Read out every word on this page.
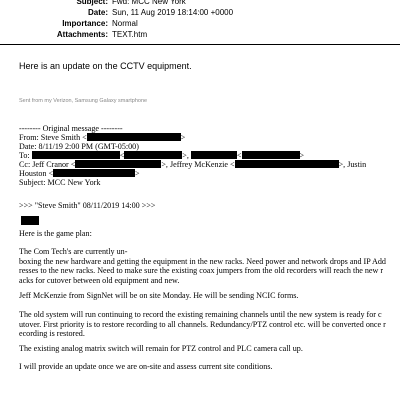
Subject: Fwd: MCC New York
Date: Sun, 11 Aug 2019 18:14:00 +0000
Importance: Normal
Attachments: TEXT.htm
Here is an update on the CCTV equipment.
Sent from my Verizon, Samsung Galaxy smartphone
-------- Original message --------
From: Steve Smith <	>
Date: 8/11/19 2:00 PM (GMT-05:00)
To:	<	>,	<	>
Cc: Jeff Cranor <	>, Jeffrey McKenzie <	>, Justin
Houston <	>
Subject: MCC New York
>>> "Steve Smith" 08/11/2019 14:00 >>>
Here is the game plan:
The Com Tech's are currently un-
boxing the new hardware and getting the equipment in the new racks. Need power and network drops and IP Add
resses to the new racks. Need to make sure the existing coax jumpers from the old recorders will reach the new r
acks for cutover between old equipment and new.
Jeff McKenzie from SignNet will be on site Monday. He will be sending NCIC forms.
The old system will run continuing to record the existing remaining channels until the new system is ready for c
utover. First priority is to restore recording to all channels. Redundancy/PTZ control etc. will be converted once r
ecording is restored.
The existing analog matrix switch will remain for PTZ control and PLC camera call up.
I will provide an update once we are on-site and assess current site conditions.
